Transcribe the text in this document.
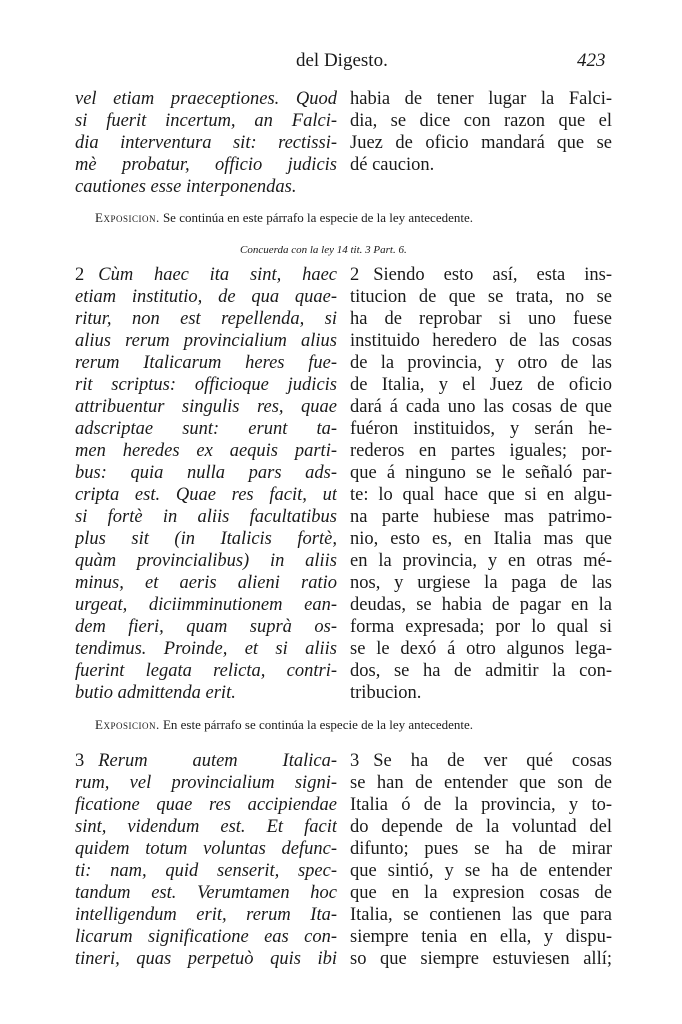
del Digesto.	423
vel etiam praeceptiones. Quod
si fuerit incertum, an Falci-
dia interventura sit: rectissi-
mè probatur, officio judicis
cautiones esse interponendas.
habia de tener lugar la Falci-
dia, se dice con razon que el
Juez de oficio mandará que se
dé caucion.
Exposicion. Se continúa en este párrafo la especie de la ley antecedente.
Concuerda con la ley 14 tit. 3 Part. 6.
2 Cùm haec ita sint, haec
etiam institutio, de qua quae-
ritur, non est repellenda, si
alius rerum provincialium alius
rerum Italicarum heres fue-
rit scriptus: officioque judicis
attribuentur singulis res, quae
adscriptae sunt: erunt ta-
men heredes ex aequis parti-
bus: quia nulla pars ads-
cripta est. Quae res facit, ut
si fortè in aliis facultatibus
plus sit (in Italicis fortè,
quàm provincialibus) in aliis
minus, et aeris alieni ratio
urgeat, diciimminutionem ean-
dem fieri, quam suprà os-
tendimus. Proinde, et si aliis
fuerint legata relicta, contri-
butio admittenda erit.
2 Siendo esto así, esta ins-
titucion de que se trata, no se
ha de reprobar si uno fuese
instituido heredero de las cosas
de la provincia, y otro de las
de Italia, y el Juez de oficio
dará á cada uno las cosas de que
fuéron instituidos, y serán he-
rederos en partes iguales; por-
que á ninguno se le señaló par-
te: lo qual hace que si en algu-
na parte hubiese mas patrimo-
nio, esto es, en Italia mas que
en la provincia, y en otras mé-
nos, y urgiese la paga de las
deudas, se habia de pagar en la
forma expresada; por lo qual si
se le dexó á otro algunos lega-
dos, se ha de admitir la con-
tribucion.
Exposicion. En este párrafo se continúa la especie de la ley antecedente.
3 Rerum autem Italica-
rum, vel provincialium signi-
ficatione quae res accipiendae
sint, videndum est. Et facit
quidem totum voluntas defunc-
ti: nam, quid senserit, spec-
tandum est. Verumtamen hoc
intelligendum erit, rerum Ita-
licarum significatione eas con-
tineri, quas perpetuò quis ibi
3 Se ha de ver qué cosas
se han de entender que son de
Italia ó de la provincia, y to-
do depende de la voluntad del
difunto; pues se ha de mirar
que sintió, y se ha de entender
que en la expresion cosas de
Italia, se contienen las que para
siempre tenia en ella, y dispu-
so que siempre estuviesen allí;
